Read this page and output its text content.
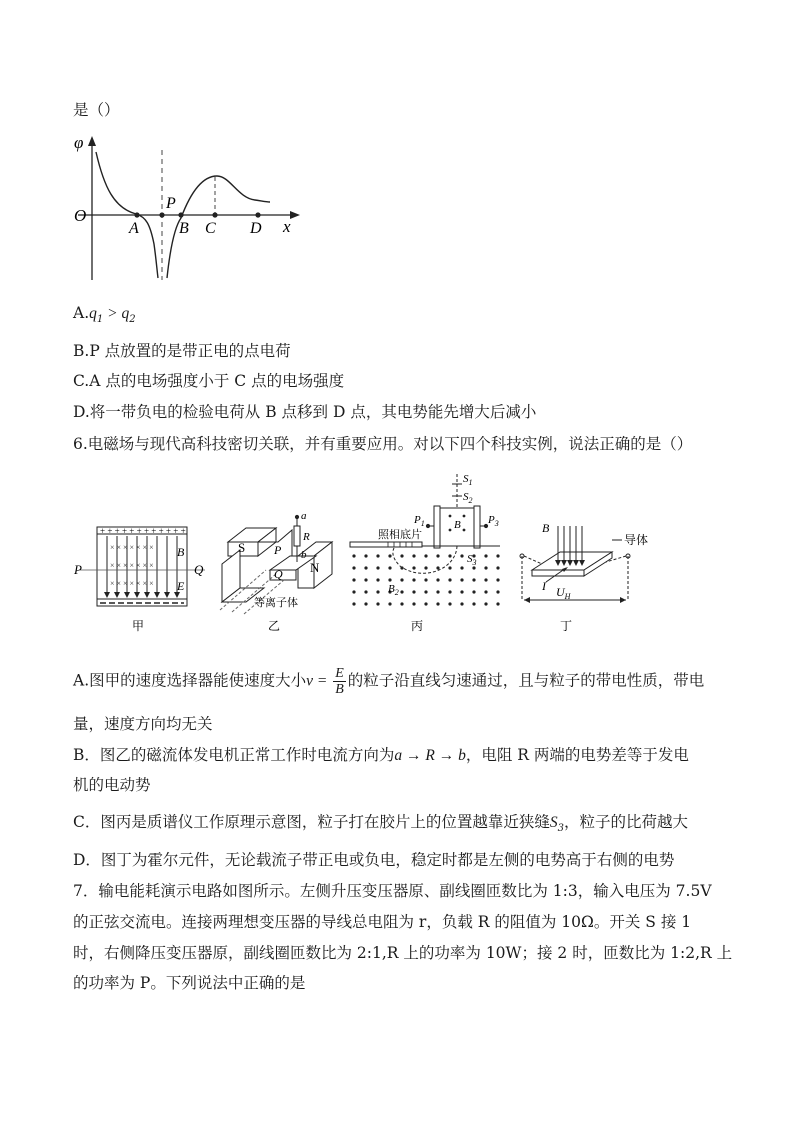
是（）
φ
O
x
A
P
B C D
$A.q_1 > q_2$
B.P 点放置的是带正电的点电荷
C.A 点的电场强度小于 C 点的电场强度
D.将一带负电的检验电荷从 B 点移到 D 点，其电势能先增大后减小
6.电磁场与现代高科技密切关联，并有重要应用。对以下四个科技实例，说法正确的是（）
+ + + + + + + + + + + +
× × × × × × ×
× × × × × × ×
× × × × × × ×
P	Q
B
E
甲
S P
Q N
R
a
b
等离子体
乙
照相底片
$S_1$
$S_2$
$S_3$
$P_1$	$P_3$
B
$B_2$
丙
B
导体
I $U_H$
丁
A.图甲的速度选择器能使速度大小$v = \frac{E}{B}$ 的粒子沿直线匀速通过，且与粒子的带电性质，带电
量，速度方向均无关
B．图乙的磁流体发电机正常工作时电流方向为a → R → b，电阻 R 两端的电势差等于发电
机的电动势
C．图丙是质谱仪工作原理示意图，粒子打在胶片上的位置越靠近狭缝$S_3$，粒子的比荷越大
D．图丁为霍尔元件，无论载流子带正电或负电，稳定时都是左侧的电势高于右侧的电势
7．输电能耗演示电路如图所示。左侧升压变压器原、副线圈匝数比为 1:3，输入电压为 7.5V
的正弦交流电。连接两理想变压器的导线总电阻为 r，负载 R 的阻值为 10Ω。开关 S 接 1
时，右侧降压变压器原，副线圈匝数比为 2:1,R 上的功率为 10W；接 2 时，匝数比为 1:2,R 上
的功率为 P。下列说法中正确的是
